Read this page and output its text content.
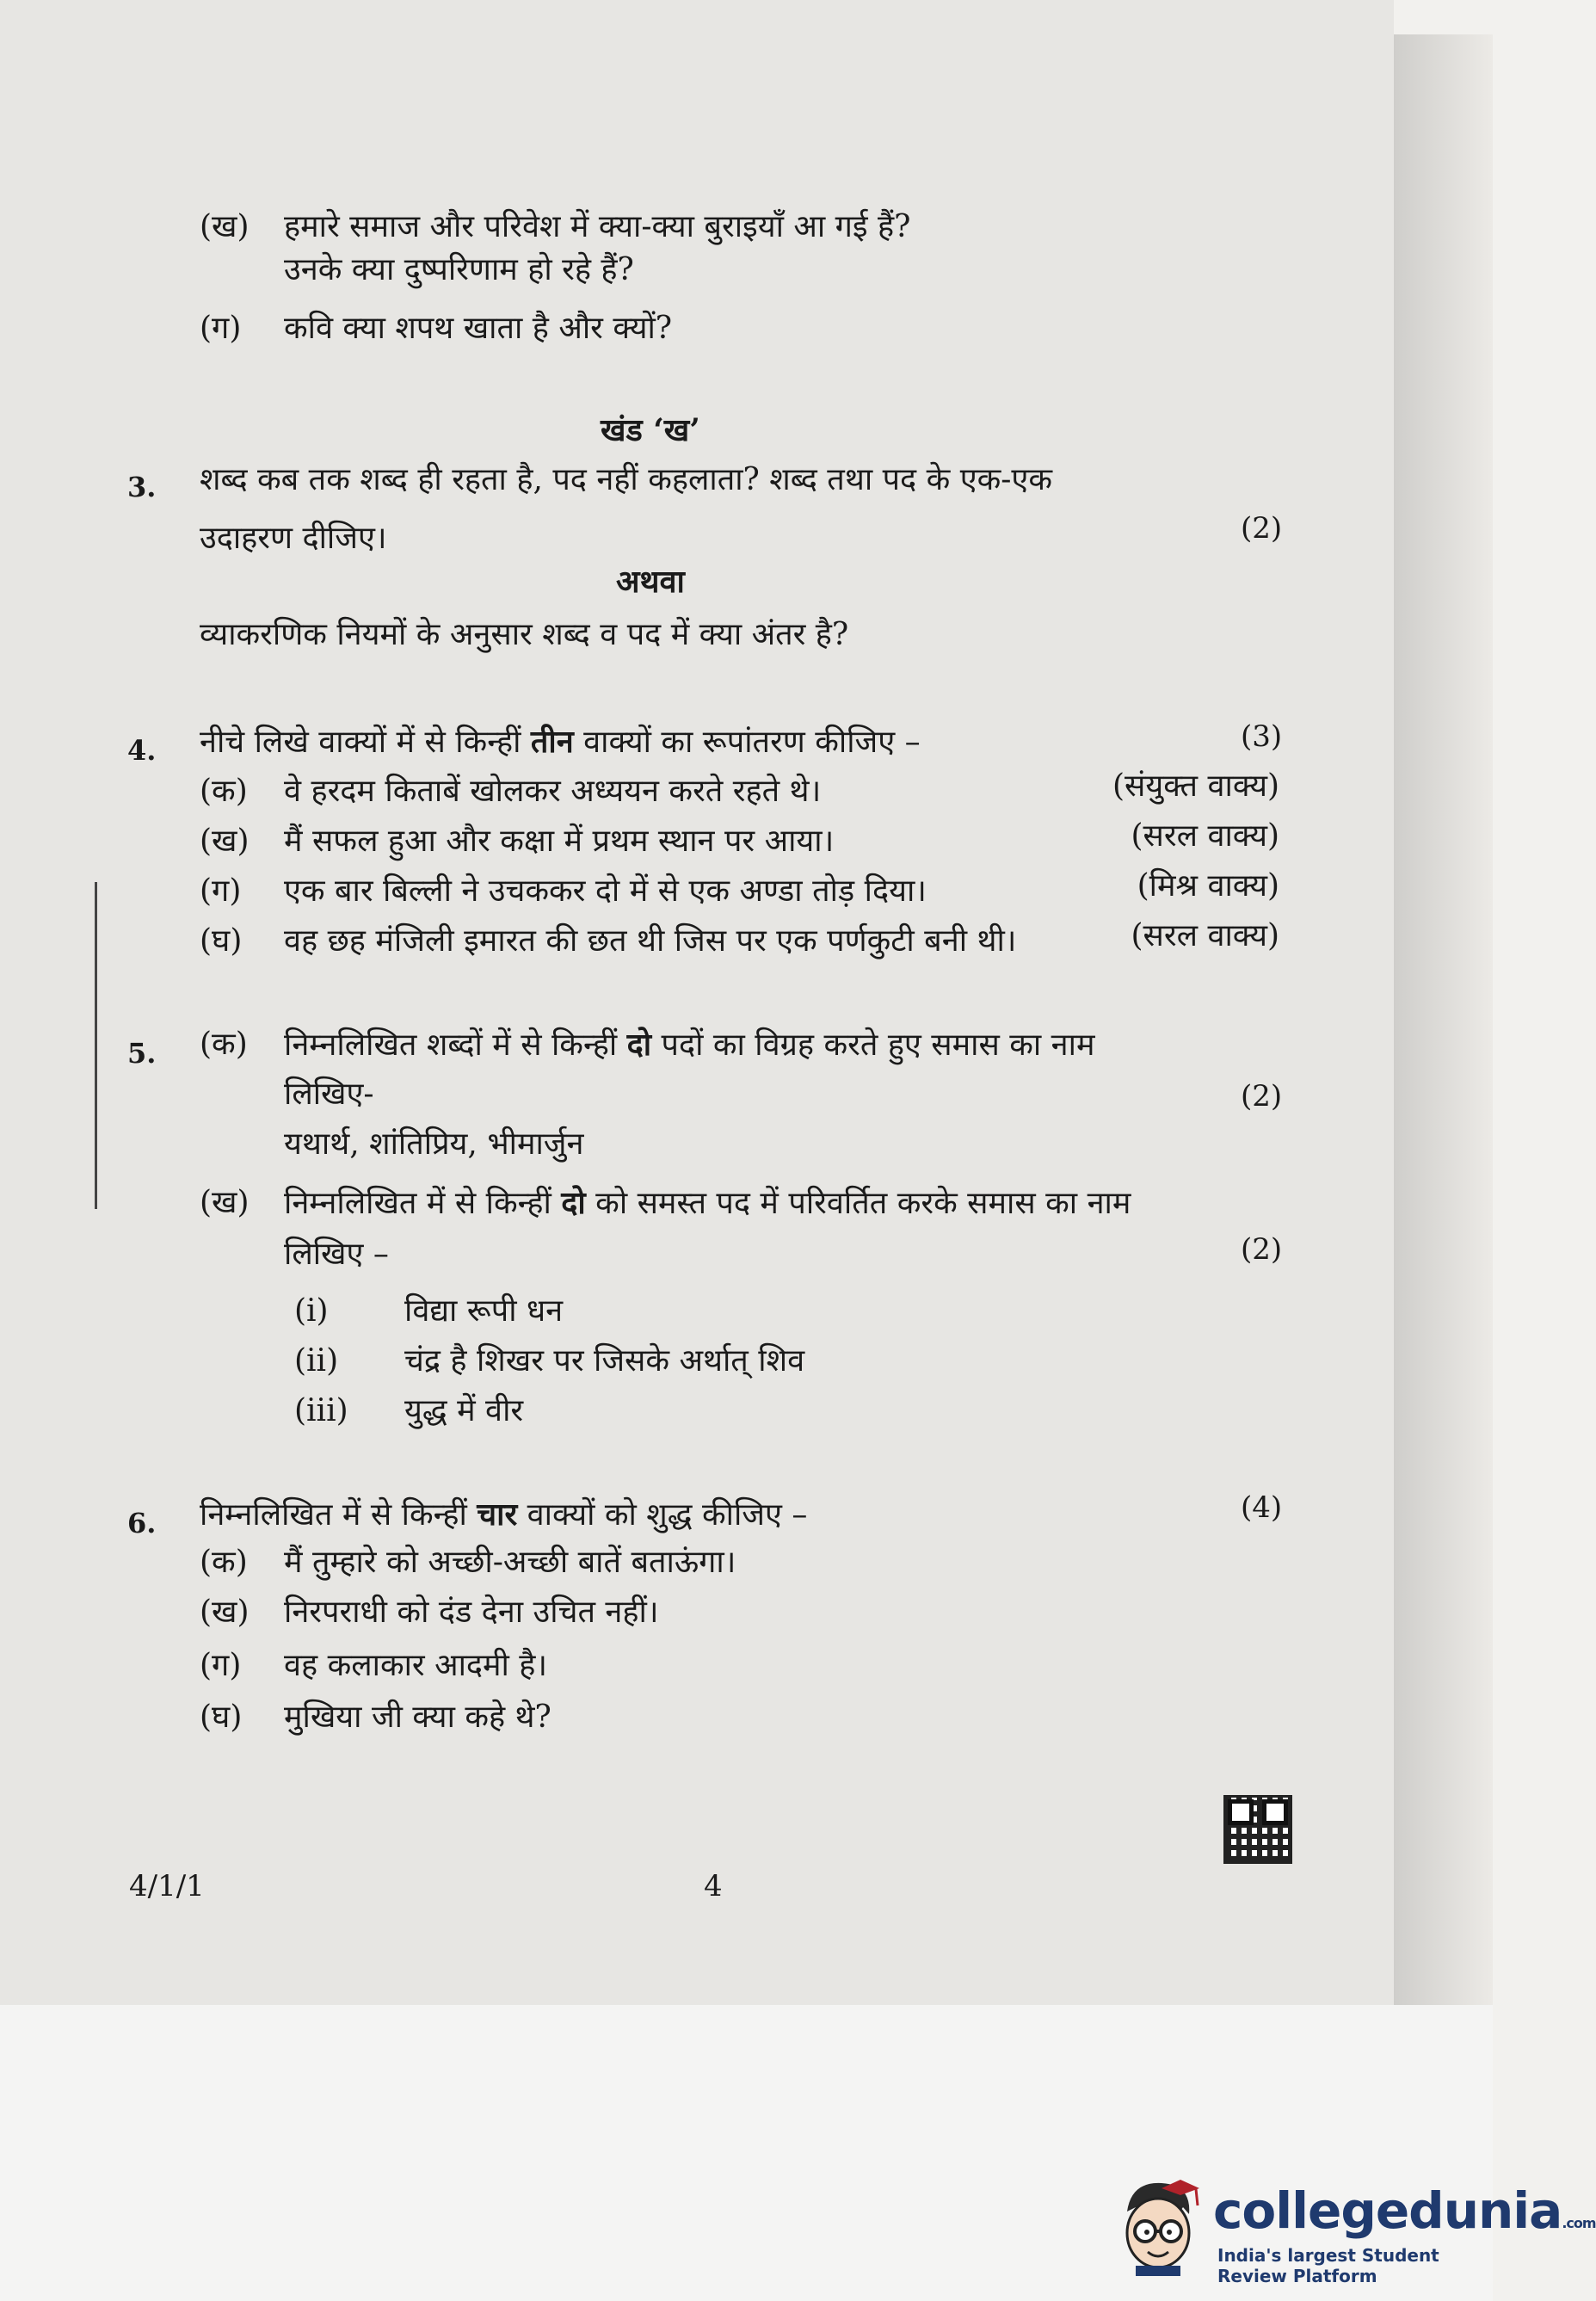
(ख) हमारे समाज और परिवेश में क्या-क्या बुराइयाँ आ गई हैं?
उनके क्या दुष्परिणाम हो रहे हैं?
(ग) कवि क्या शपथ खाता है और क्यों?
खंड ‘ख’
3. शब्द कब तक शब्द ही रहता है, पद नहीं कहलाता? शब्द तथा पद के एक-एक
उदाहरण दीजिए।	(2)
अथवा
व्याकरणिक नियमों के अनुसार शब्द व पद में क्या अंतर है?
4. नीचे लिखे वाक्यों में से किन्हीं तीन वाक्यों का रूपांतरण कीजिए –	(3)
(क) वे हरदम किताबें खोलकर अध्ययन करते रहते थे।	(संयुक्त वाक्य)
(ख) मैं सफल हुआ और कक्षा में प्रथम स्थान पर आया।	(सरल वाक्य)
(ग) एक बार बिल्ली ने उचककर दो में से एक अण्डा तोड़ दिया।	(मिश्र वाक्य)
(घ) वह छह मंजिली इमारत की छत थी जिस पर एक पर्णकुटी बनी थी।	(सरल वाक्य)
5. (क) निम्नलिखित शब्दों में से किन्हीं दो पदों का विग्रह करते हुए समास का नाम
लिखिए-	(2)
यथार्थ, शांतिप्रिय, भीमार्जुन
(ख) निम्नलिखित में से किन्हीं दो को समस्त पद में परिवर्तित करके समास का नाम
लिखिए –	(2)
(i) विद्या रूपी धन
(ii) चंद्र है शिखर पर जिसके अर्थात् शिव
(iii) युद्ध में वीर
6. निम्नलिखित में से किन्हीं चार वाक्यों को शुद्ध कीजिए –	(4)
(क) मैं तुम्हारे को अच्छी-अच्छी बातें बताऊंगा।
(ख) निरपराधी को दंड देना उचित नहीं।
(ग) वह कलाकार आदमी है।
(घ) मुखिया जी क्या कहे थे?
4/1/1	4
collegedunia.com
India's largest Student Review Platform
